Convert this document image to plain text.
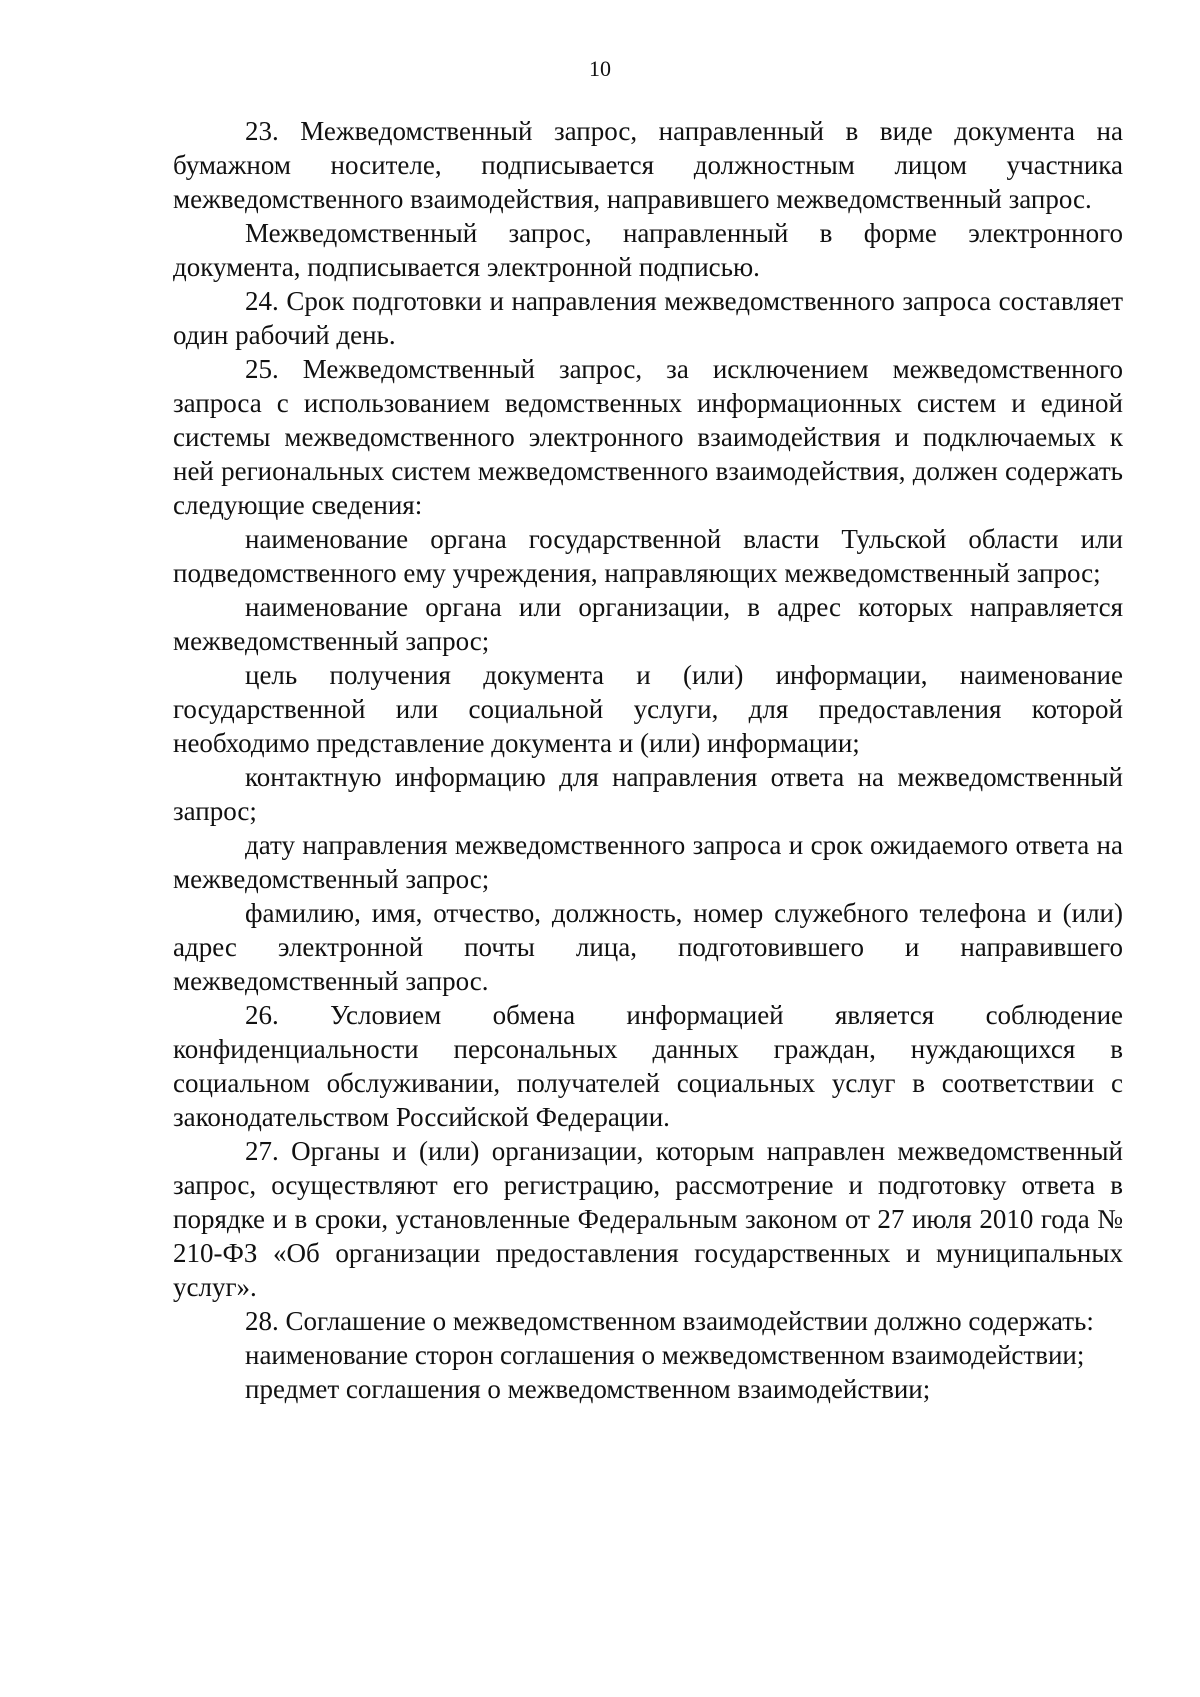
10

23. Межведомственный запрос, направленный в виде документа на бумажном носителе, подписывается должностным лицом участника межведомственного взаимодействия, направившего межведомственный запрос.

Межведомственный запрос, направленный в форме электронного документа, подписывается электронной подписью.

24. Срок подготовки и направления межведомственного запроса составляет один рабочий день.

25. Межведомственный запрос, за исключением межведомственного запроса с использованием ведомственных информационных систем и единой системы межведомственного электронного взаимодействия и подключаемых к ней региональных систем межведомственного взаимодействия, должен содержать следующие сведения:

наименование органа государственной власти Тульской области или подведомственного ему учреждения, направляющих межведомственный запрос;

наименование органа или организации, в адрес которых направляется межведомственный запрос;

цель получения документа и (или) информации, наименование государственной или социальной услуги, для предоставления которой необходимо представление документа и (или) информации;

контактную информацию для направления ответа на межведомственный запрос;

дату направления межведомственного запроса и срок ожидаемого ответа на межведомственный запрос;

фамилию, имя, отчество, должность, номер служебного телефона и (или) адрес электронной почты лица, подготовившего и направившего межведомственный запрос.

26. Условием обмена информацией является соблюдение конфиденциальности персональных данных граждан, нуждающихся в социальном обслуживании, получателей социальных услуг в соответствии с законодательством Российской Федерации.

27. Органы и (или) организации, которым направлен межведомственный запрос, осуществляют его регистрацию, рассмотрение и подготовку ответа в порядке и в сроки, установленные Федеральным законом от 27 июля 2010 года № 210-ФЗ «Об организации предоставления государственных и муниципальных услуг».

28. Соглашение о межведомственном взаимодействии должно содержать:

наименование сторон соглашения о межведомственном взаимодействии;

предмет соглашения о межведомственном взаимодействии;
